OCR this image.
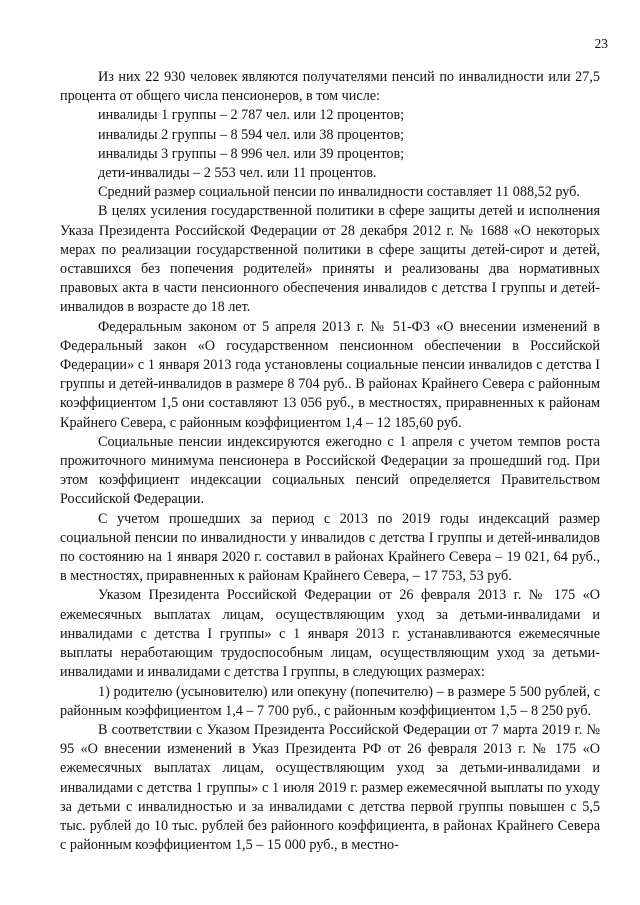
23

Из них 22 930 человек являются получателями пенсий по инвалидности или 27,5 процента от общего числа пенсионеров, в том числе:

инвалиды 1 группы – 2 787 чел. или 12 процентов;

инвалиды 2 группы – 8 594 чел. или 38 процентов;

инвалиды 3 группы – 8 996 чел. или 39 процентов;

дети-инвалиды – 2 553 чел. или 11 процентов.

Средний размер социальной пенсии по инвалидности составляет 11 088,52 руб.

В целях усиления государственной политики в сфере защиты детей и исполнения Указа Президента Российской Федерации от 28 декабря 2012 г. № 1688 «О некоторых мерах по реализации государственной политики в сфере защиты детей-сирот и детей, оставшихся без попечения родителей» приняты и реализованы два нормативных правовых акта в части пенсионного обеспечения инвалидов с детства I группы и детей-инвалидов в возрасте до 18 лет.

Федеральным законом от 5 апреля 2013 г. № 51-ФЗ «О внесении изменений в Федеральный закон «О государственном пенсионном обеспечении в Российской Федерации» с 1 января 2013 года установлены социальные пенсии инвалидов с детства I группы и детей-инвалидов в размере 8 704 руб.. В районах Крайнего Севера с районным коэффициентом 1,5 они составляют 13 056 руб., в местностях, приравненных к районам Крайнего Севера, с районным коэффициентом 1,4 – 12 185,60 руб.

Социальные пенсии индексируются ежегодно с 1 апреля с учетом темпов роста прожиточного минимума пенсионера в Российской Федерации за прошедший год. При этом коэффициент индексации социальных пенсий определяется Правительством Российской Федерации.

С учетом прошедших за период с 2013 по 2019 годы индексаций размер социальной пенсии по инвалидности у инвалидов с детства I группы и детей-инвалидов по состоянию на 1 января 2020 г. составил в районах Крайнего Севера – 19 021, 64 руб., в местностях, приравненных к районам Крайнего Севера, – 17 753, 53 руб.

Указом Президента Российской Федерации от 26 февраля 2013 г. № 175 «О ежемесячных выплатах лицам, осуществляющим уход за детьми-инвалидами и инвалидами с детства I группы» с 1 января 2013 г. устанавливаются ежемесячные выплаты неработающим трудоспособным лицам, осуществляющим уход за детьми-инвалидами и инвалидами с детства I группы, в следующих размерах:

1) родителю (усыновителю) или опекуну (попечителю) – в размере 5 500 рублей, с районным коэффициентом 1,4 – 7 700 руб., с районным коэффициентом 1,5 – 8 250 руб.

В соответствии с Указом Президента Российской Федерации от 7 марта 2019 г. № 95 «О внесении изменений в Указ Президента РФ от 26 февраля 2013 г. № 175 «О ежемесячных выплатах лицам, осуществляющим уход за детьми-инвалидами и инвалидами с детства 1 группы» с 1 июля 2019 г. размер ежемесячной выплаты по уходу за детьми с инвалидностью и за инвалидами с детства первой группы повышен с 5,5 тыс. рублей до 10 тыс. рублей без районного коэффициента, в районах Крайнего Севера с районным коэффициентом 1,5 – 15 000 руб., в местно-
